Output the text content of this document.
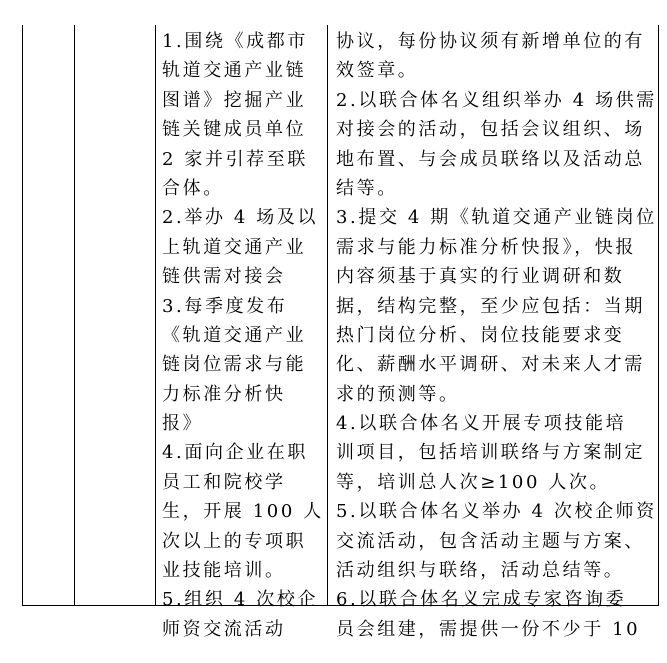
1.围绕《成都市
轨道交通产业链
图谱》挖掘产业
链关键成员单位
2 家并引荐至联
合体。
2.举办 4 场及以
上轨道交通产业
链供需对接会
3.每季度发布
《轨道交通产业
链岗位需求与能
力标准分析快
报》
4.面向企业在职
员工和院校学
生，开展 100 人
次以上的专项职
业技能培训。
5.组织 4 次校企
师资交流活动
协议，每份协议须有新增单位的有
效签章。
2.以联合体名义组织举办 4 场供需
对接会的活动，包括会议组织、场
地布置、与会成员联络以及活动总
结等。
3.提交 4 期《轨道交通产业链岗位
需求与能力标准分析快报》，快报
内容须基于真实的行业调研和数
据，结构完整，至少应包括：当期
热门岗位分析、岗位技能要求变
化、薪酬水平调研、对未来人才需
求的预测等。
4.以联合体名义开展专项技能培
训项目，包括培训联络与方案制定
等，培训总人次≥100 人次。
5.以联合体名义举办 4 次校企师资
交流活动，包含活动主题与方案、
活动组织与联络，活动总结等。
6.以联合体名义完成专家咨询委
员会组建，需提供一份不少于 10
